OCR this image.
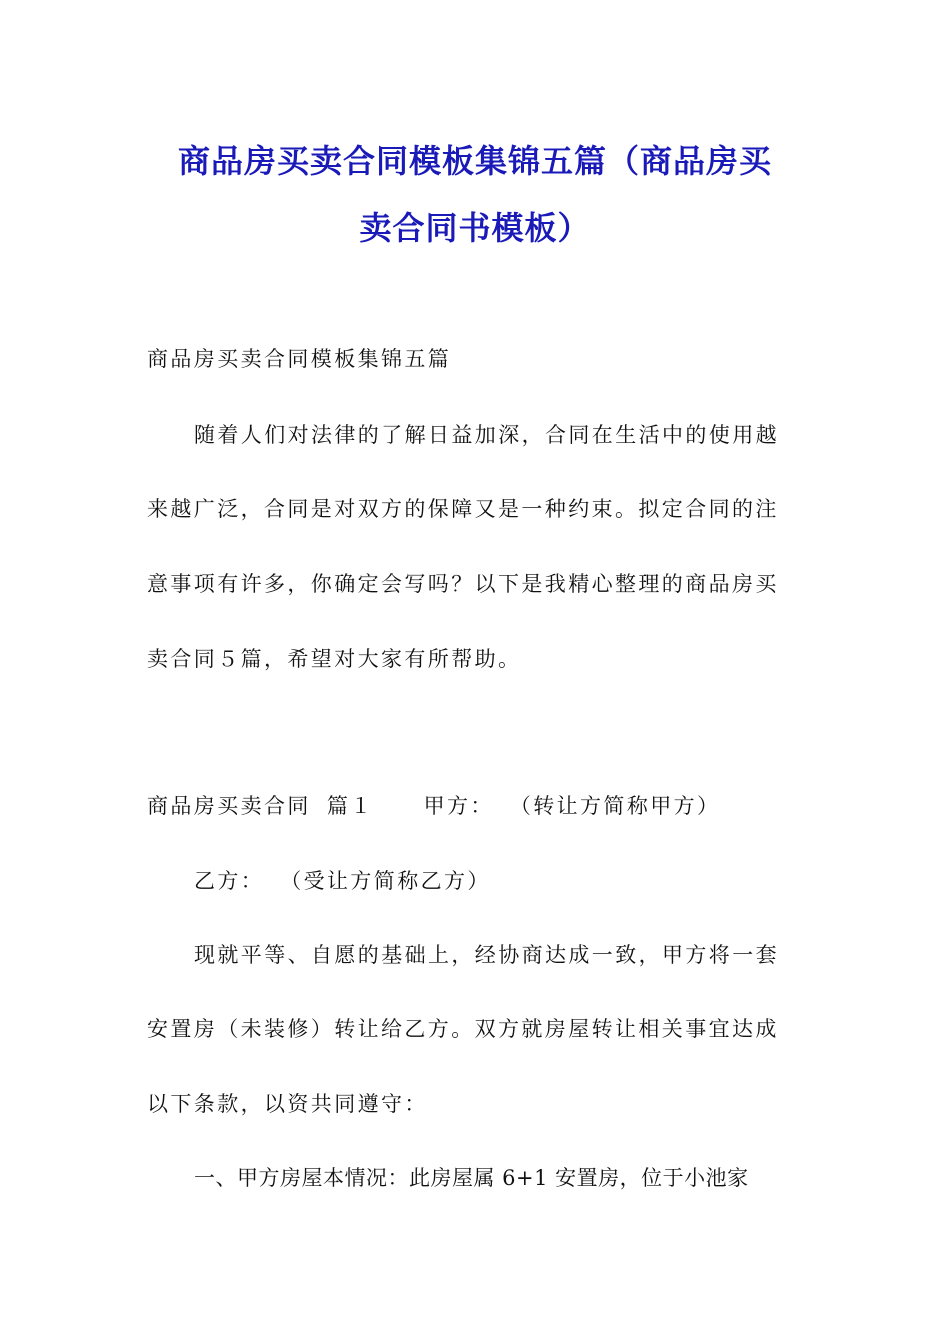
商品房买卖合同模板集锦五篇（商品房买
卖合同书模板）
商品房买卖合同模板集锦五篇
随着人们对法律的了解日益加深，合同在生活中的使用越
来越广泛，合同是对双方的保障又是一种约束。拟定合同的注
意事项有许多，你确定会写吗？以下是我精心整理的商品房买
卖合同５篇，希望对大家有所帮助。
商品房买卖合同 篇１ 甲方： （转让方简称甲方）
乙方： （受让方简称乙方）
现就平等、自愿的基础上，经协商达成一致，甲方将一套
安置房（未装修）转让给乙方。双方就房屋转让相关事宜达成
以下条款，以资共同遵守：
一、甲方房屋本情况：此房屋属 6+1 安置房，位于小池家
